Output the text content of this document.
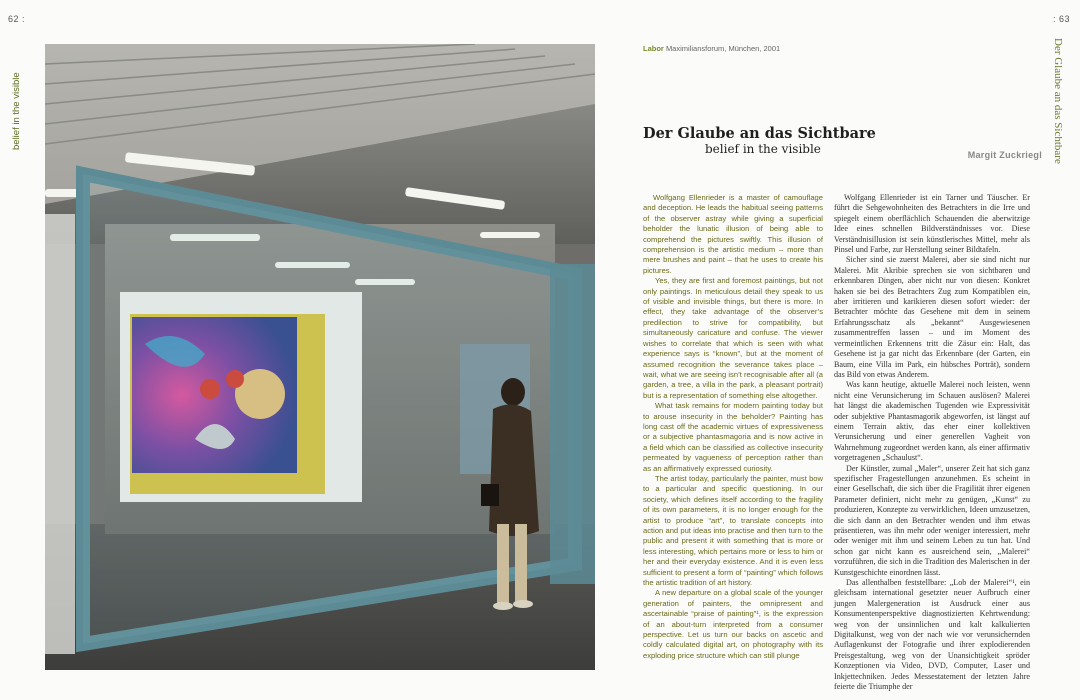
62 :	: 63
belief in the visible	Der Glaube an das Sichtbare
Labor Maximiliansforum, München, 2001
Der Glaube an das Sichtbare
belief in the visible	Margit Zuckriegl

Wolfgang Ellenrieder is a master of camouflage and deception. He leads the habitual seeing patterns of the observer astray while giving a superficial beholder the lunatic illusion of being able to comprehend the pictures swiftly. This illusion of comprehension is the artistic medium – more than mere brushes and paint – that he uses to create his pictures.

Yes, they are first and foremost paintings, but not only paintings. In meticulous detail they speak to us of visible and invisible things, but there is more. In effect, they take advantage of the observer’s predilection to strive for compatibility, but simultaneously caricature and confuse. The viewer wishes to correlate that which is seen with what experience says is “known”, but at the moment of assumed recognition the severance takes place – wait, what we are seeing isn’t recognisable after all (a garden, a tree, a villa in the park, a pleasant portrait) but is a representation of something else altogether.

What task remains for modern painting today but to arouse insecurity in the beholder? Painting has long cast off the academic virtues of expressiveness or a subjective phantasmagoria and is now active in a field which can be classified as collective insecurity permeated by vagueness of perception rather than as an affirmatively expressed curiosity.

The artist today, particularly the painter, must bow to a particular and specific questioning. In our society, which defines itself according to the fragility of its own parameters, it is no longer enough for the artist to produce “art”, to translate concepts into action and put ideas into practise and then turn to the public and present it with something that is more or less interesting, which pertains more or less to him or her and their everyday existence. And it is even less sufficient to present a form of “painting” which follows the artistic tradition of art history.

A new departure on a global scale of the younger generation of painters, the omnipresent and ascertainable “praise of painting”¹, is the expression of an about-turn interpreted from a consumer perspective. Let us turn our backs on ascetic and coldly calculated digital art, on photography with its exploding price structure which can still plunge

Wolfgang Ellenrieder ist ein Tarner und Täuscher. Er führt die Sehgewohnheiten des Betrachters in die Irre und spiegelt einem oberflächlich Schauenden die aberwitzige Idee eines schnellen Bildverständnisses vor. Diese Verständnisillusion ist sein künstlerisches Mittel, mehr als Pinsel und Farbe, zur Herstellung seiner Bildtafeln.

Sicher sind sie zuerst Malerei, aber sie sind nicht nur Malerei. Mit Akribie sprechen sie von sichtbaren und erkennbaren Dingen, aber nicht nur von diesen: Konkret haken sie bei des Betrachters Zug zum Kompatiblen ein, aber irritieren und karikieren diesen sofort wieder: der Betrachter möchte das Gesehene mit dem in seinem Erfahrungsschatz als „bekannt“ Ausgewiesenen zusammentreffen lassen – und im Moment des vermeintlichen Erkennens tritt die Zäsur ein: Halt, das Gesehene ist ja gar nicht das Erkennbare (der Garten, ein Baum, eine Villa im Park, ein hübsches Porträt), sondern das Bild von etwas Anderem.

Was kann heutige, aktuelle Malerei noch leisten, wenn nicht eine Verunsicherung im Schauen auslösen? Malerei hat längst die akademischen Tugenden wie Expressivität oder subjektive Phantasmagorik abgeworfen, ist längst auf einem Terrain aktiv, das eher einer kollektiven Verunsicherung und einer generellen Vagheit von Wahrnehmung zugeordnet werden kann, als einer affirmativ vorgetragenen „Schaulust“.

Der Künstler, zumal „Maler“, unserer Zeit hat sich ganz spezifischer Fragestellungen anzunehmen. Es scheint in einer Gesellschaft, die sich über die Fragilität ihrer eigenen Parameter definiert, nicht mehr zu genügen, „Kunst“ zu produzieren, Konzepte zu verwirklichen, Ideen umzusetzen, die sich dann an den Betrachter wenden und ihm etwas präsentieren, was ihn mehr oder weniger interessiert, mehr oder weniger mit ihm und seinem Leben zu tun hat. Und schon gar nicht kann es ausreichend sein, „Malerei“ vorzuführen, die sich in die Tradition des Malerischen in der Kunstgeschichte einordnen lässt.

Das allenthalben feststellbare: „Lob der Malerei“¹, ein gleichsam international gesetzter neuer Aufbruch einer jungen Malergeneration ist Ausdruck einer aus Konsumentenperspektive diagnostizierten Kehrtwendung: weg von der unsinnlichen und kalt kalkulierten Digitalkunst, weg von der nach wie vor verunsichernden Auflagenkunst der Fotografie und ihrer explodierenden Preisgestaltung, weg von der Unansichtigkeit spröder Konzeptionen via Video, DVD, Computer, Laser und Inkjettechniken. Jedes Messestatement der letzten Jahre feierte die Triumphe der
